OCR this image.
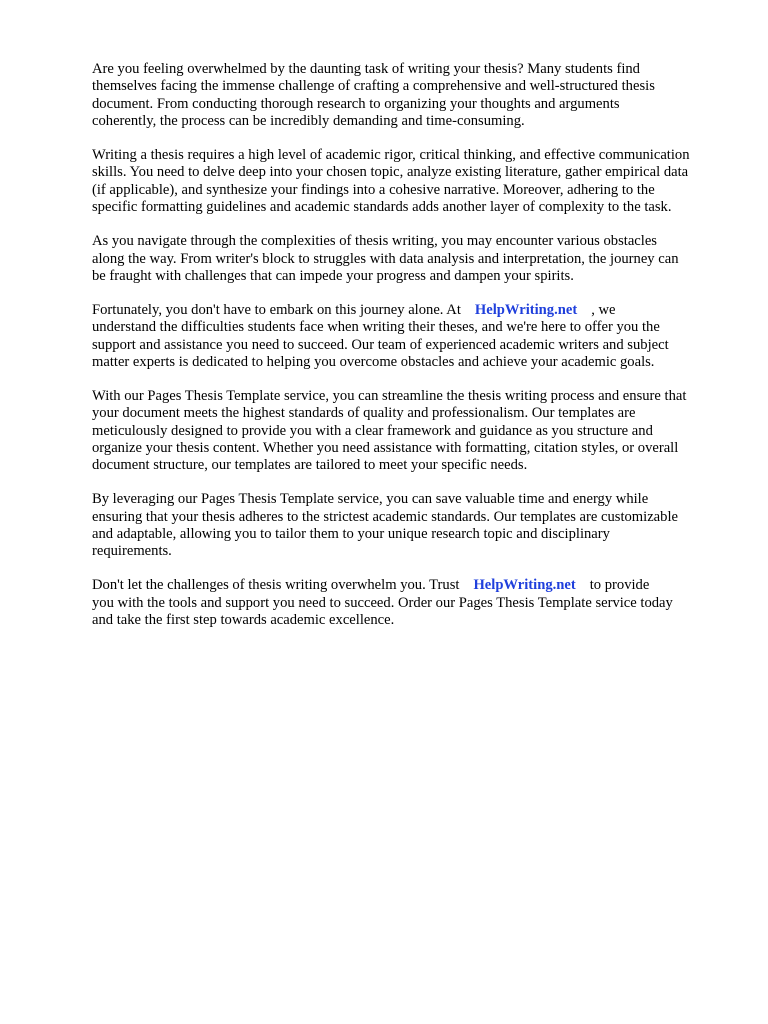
Are you feeling overwhelmed by the daunting task of writing your thesis? Many students find
themselves facing the immense challenge of crafting a comprehensive and well-structured thesis
document. From conducting thorough research to organizing your thoughts and arguments
coherently, the process can be incredibly demanding and time-consuming.

Writing a thesis requires a high level of academic rigor, critical thinking, and effective communication
skills. You need to delve deep into your chosen topic, analyze existing literature, gather empirical data
(if applicable), and synthesize your findings into a cohesive narrative. Moreover, adhering to the
specific formatting guidelines and academic standards adds another layer of complexity to the task.

As you navigate through the complexities of thesis writing, you may encounter various obstacles
along the way. From writer's block to struggles with data analysis and interpretation, the journey can
be fraught with challenges that can impede your progress and dampen your spirits.

Fortunately, you don't have to embark on this journey alone. At HelpWriting.net , we
understand the difficulties students face when writing their theses, and we're here to offer you the
support and assistance you need to succeed. Our team of experienced academic writers and subject
matter experts is dedicated to helping you overcome obstacles and achieve your academic goals.

With our Pages Thesis Template service, you can streamline the thesis writing process and ensure that
your document meets the highest standards of quality and professionalism. Our templates are
meticulously designed to provide you with a clear framework and guidance as you structure and
organize your thesis content. Whether you need assistance with formatting, citation styles, or overall
document structure, our templates are tailored to meet your specific needs.

By leveraging our Pages Thesis Template service, you can save valuable time and energy while
ensuring that your thesis adheres to the strictest academic standards. Our templates are customizable
and adaptable, allowing you to tailor them to your unique research topic and disciplinary
requirements.

Don't let the challenges of thesis writing overwhelm you. Trust HelpWriting.net to provide
you with the tools and support you need to succeed. Order our Pages Thesis Template service today
and take the first step towards academic excellence.
